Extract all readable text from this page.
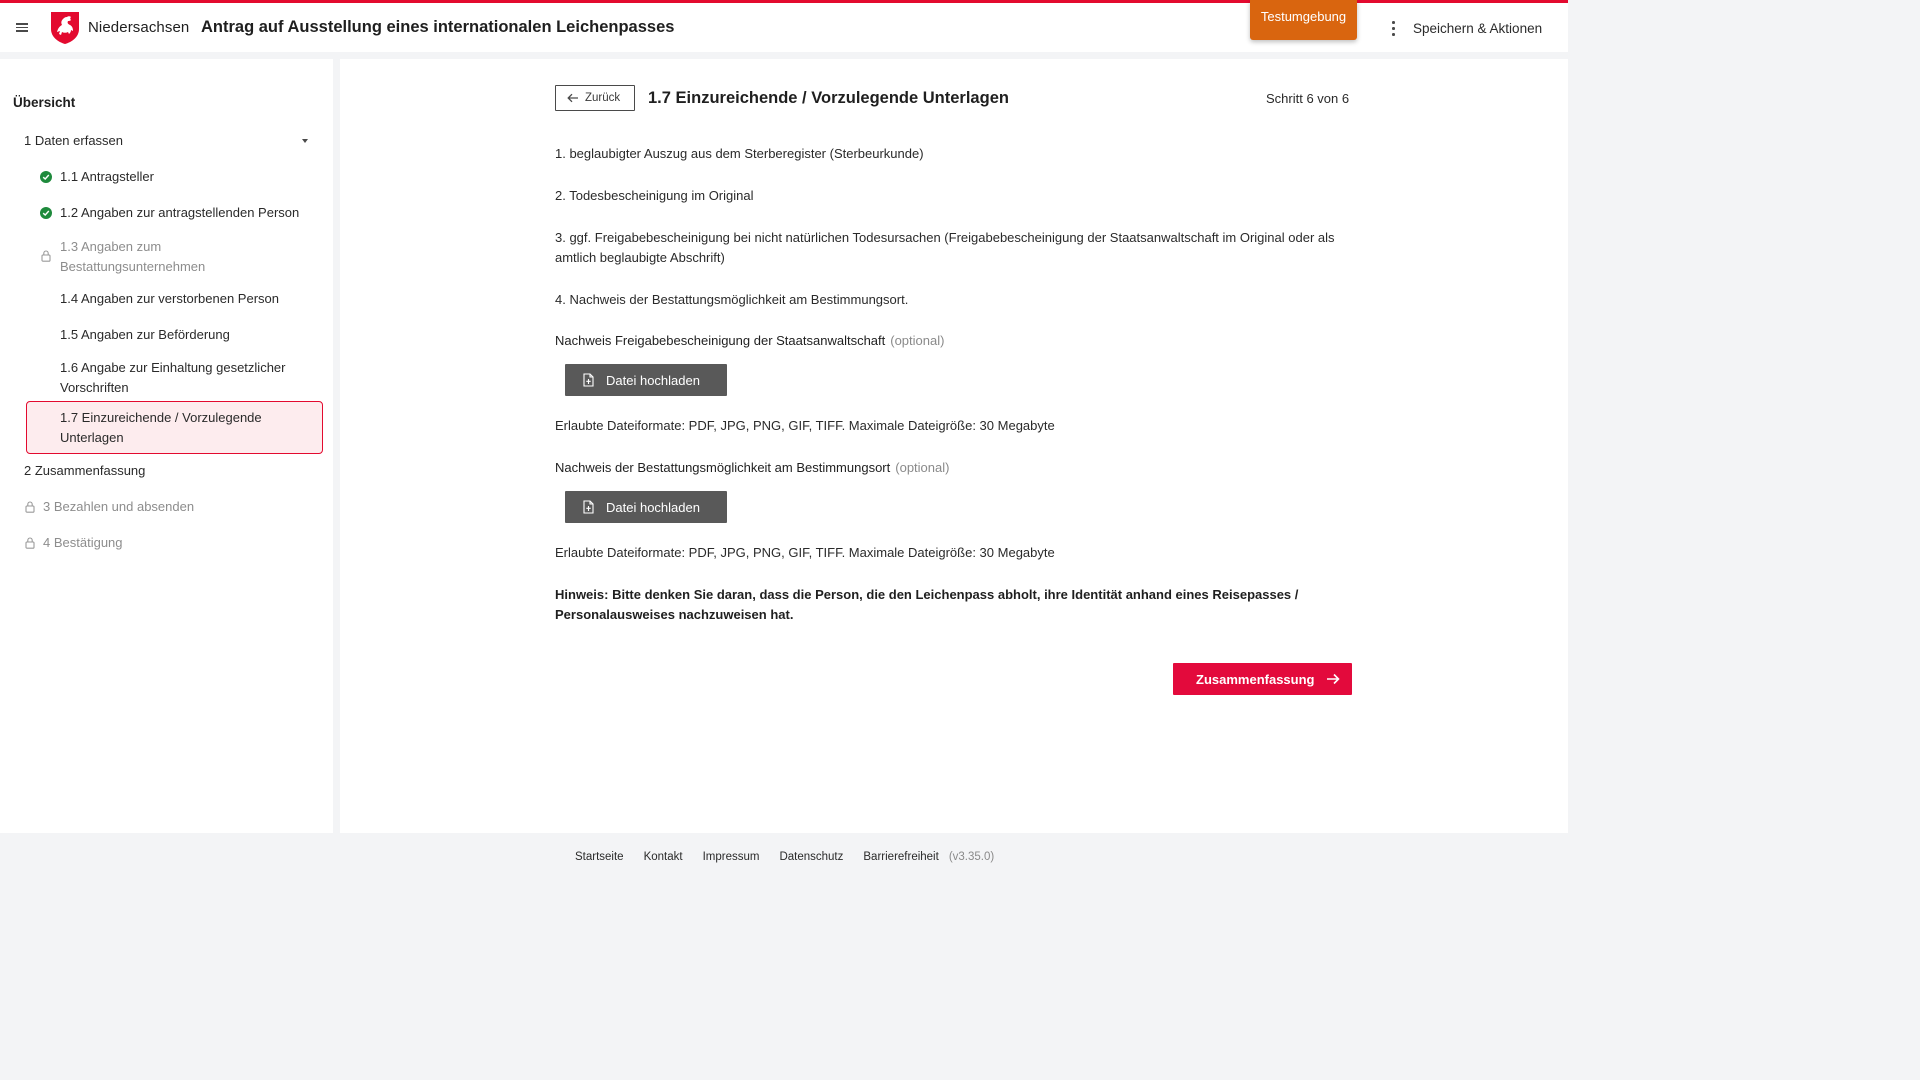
Niedersachsen Antrag auf Ausstellung eines internationalen Leichenpasses	Speichern & Aktionen
Testumgebung
Übersicht
1 Daten erfassen
1.1 Antragsteller
1.2 Angaben zur antragstellenden Person
1.3 Angaben zum
Bestattungsunternehmen
1.4 Angaben zur verstorbenen Person
1.5 Angaben zur Beförderung
1.6 Angabe zur Einhaltung gesetzlicher
Vorschriften
1.7 Einzureichende / Vorzulegende
Unterlagen
2 Zusammenfassung
3 Bezahlen und absenden
4 Bestätigung
Zurück 1.7 Einzureichende / Vorzulegende Unterlagen	Schritt 6 von 6
1. beglaubigter Auszug aus dem Sterberegister (Sterbeurkunde)
2. Todesbescheinigung im Original
3. ggf. Freigabebescheinigung bei nicht natürlichen Todesursachen (Freigabebescheinigung der Staatsanwaltschaft im Original oder als amtlich beglaubigte Abschrift)
4. Nachweis der Bestattungsmöglichkeit am Bestimmungsort.
Nachweis Freigabebescheinigung der Staatsanwaltschaft (optional)
Datei hochladen
Erlaubte Dateiformate: PDF, JPG, PNG, GIF, TIFF. Maximale Dateigröße: 30 Megabyte
Nachweis der Bestattungsmöglichkeit am Bestimmungsort (optional)
Datei hochladen
Erlaubte Dateiformate: PDF, JPG, PNG, GIF, TIFF. Maximale Dateigröße: 30 Megabyte
Hinweis: Bitte denken Sie daran, dass die Person, die den Leichenpass abholt, ihre Identität anhand eines Reisepasses / Personalausweises nachzuweisen hat.
Zusammenfassung
Startseite Kontakt Impressum Datenschutz Barrierefreiheit (v3.35.0)
